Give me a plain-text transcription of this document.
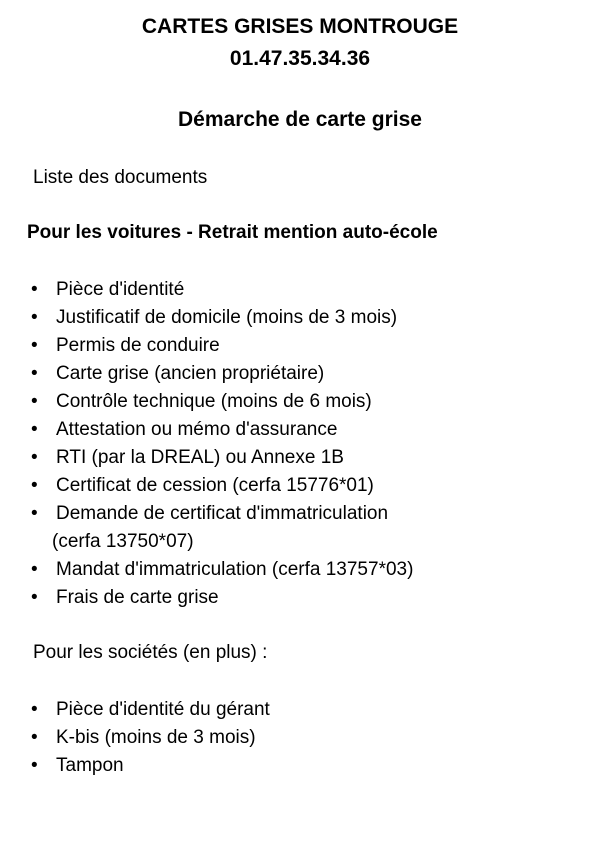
CARTES GRISES MONTROUGE
01.47.35.34.36
Démarche de carte grise

Liste des documents

Pour les voitures - Retrait mention auto-école

• Pièce d'identité
• Justificatif de domicile (moins de 3 mois)
• Permis de conduire
• Carte grise (ancien propriétaire)
• Contrôle technique (moins de 6 mois)
• Attestation ou mémo d'assurance
• RTI (par la DREAL) ou Annexe 1B
• Certificat de cession (cerfa 15776*01)
• Demande de certificat d'immatriculation
(cerfa 13750*07)
• Mandat d'immatriculation (cerfa 13757*03)
• Frais de carte grise

Pour les sociétés (en plus) :

• Pièce d'identité du gérant
• K-bis (moins de 3 mois)
• Tampon
